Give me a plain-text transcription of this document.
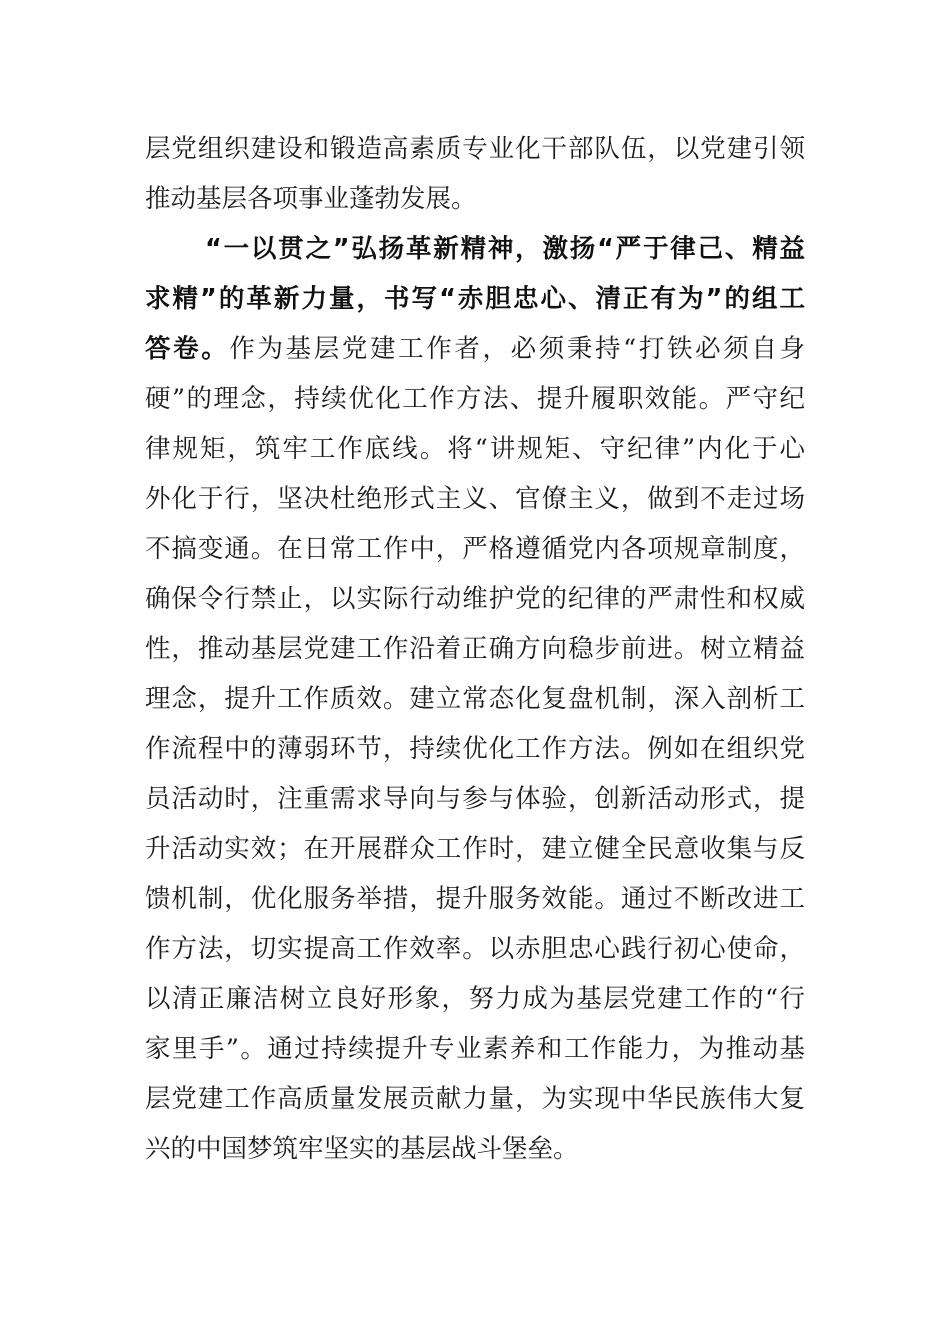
层党组织建设和锻造高素质专业化干部队伍，以党建引领
推动基层各项事业蓬勃发展。
“一以贯之”弘扬革新精神，激扬“严于律己、精益
求精”的革新力量，书写“赤胆忠心、清正有为”的组工
答卷。作为基层党建工作者，必须秉持“打铁必须自身
硬”的理念，持续优化工作方法、提升履职效能。严守纪
律规矩，筑牢工作底线。将“讲规矩、守纪律”内化于心
外化于行，坚决杜绝形式主义、官僚主义，做到不走过场
不搞变通。在日常工作中，严格遵循党内各项规章制度，
确保令行禁止，以实际行动维护党的纪律的严肃性和权威
性，推动基层党建工作沿着正确方向稳步前进。树立精益
理念，提升工作质效。建立常态化复盘机制，深入剖析工
作流程中的薄弱环节，持续优化工作方法。例如在组织党
员活动时，注重需求导向与参与体验，创新活动形式，提
升活动实效；在开展群众工作时，建立健全民意收集与反
馈机制，优化服务举措，提升服务效能。通过不断改进工
作方法，切实提高工作效率。以赤胆忠心践行初心使命，
以清正廉洁树立良好形象，努力成为基层党建工作的“行
家里手”。通过持续提升专业素养和工作能力，为推动基
层党建工作高质量发展贡献力量，为实现中华民族伟大复
兴的中国梦筑牢坚实的基层战斗堡垒。
